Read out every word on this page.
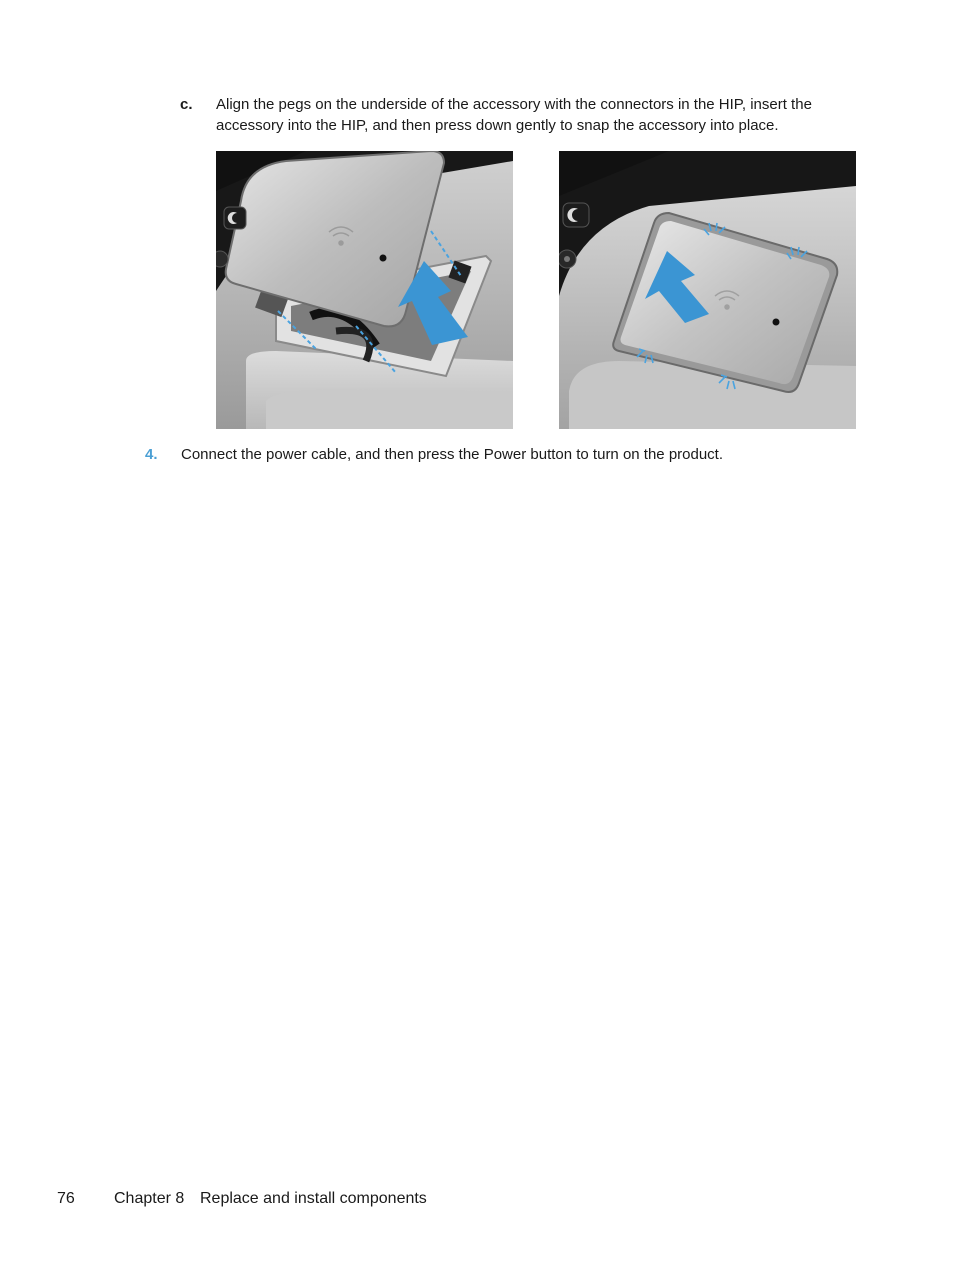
c. Align the pegs on the underside of the accessory with the connectors in the HIP, insert the accessory into the HIP, and then press down gently to snap the accessory into place.
4. Connect the power cable, and then press the Power button to turn on the product.
76 Chapter 8 Replace and install components
